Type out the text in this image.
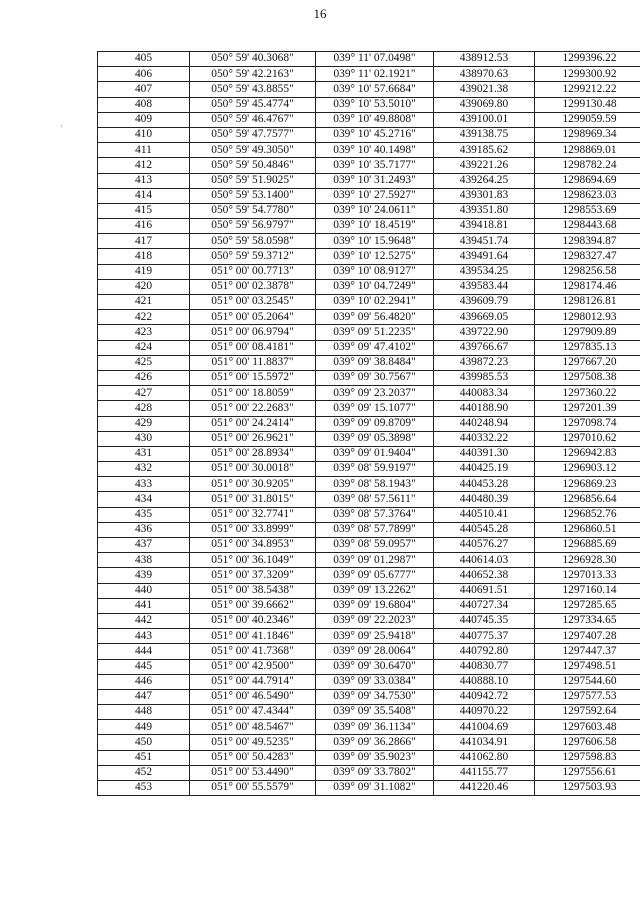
16
·
405	050° 59' 40.3068"	039° 11' 07.0498"	438912.53	1299396.22
406	050° 59' 42.2163"	039° 11' 02.1921"	438970.63	1299300.92
407	050° 59' 43.8855"	039° 10' 57.6684"	439021.38	1299212.22
408	050° 59' 45.4774"	039° 10' 53.5010"	439069.80	1299130.48
409	050° 59' 46.4767"	039° 10' 49.8808"	439100.01	1299059.59
410	050° 59' 47.7577"	039° 10' 45.2716"	439138.75	1298969.34
411	050° 59' 49.3050"	039° 10' 40.1498"	439185.62	1298869.01
412	050° 59' 50.4846"	039° 10' 35.7177"	439221.26	1298782.24
413	050° 59' 51.9025"	039° 10' 31.2493"	439264.25	1298694.69
414	050° 59' 53.1400"	039° 10' 27.5927"	439301.83	1298623.03
415	050° 59' 54.7780"	039° 10' 24.0611"	439351.80	1298553.69
416	050° 59' 56.9797"	039° 10' 18.4519"	439418.81	1298443.68
417	050° 59' 58.0598"	039° 10' 15.9648"	439451.74	1298394.87
418	050° 59' 59.3712"	039° 10' 12.5275"	439491.64	1298327.47
419	051° 00' 00.7713"	039° 10' 08.9127"	439534.25	1298256.58
420	051° 00' 02.3878"	039° 10' 04.7249"	439583.44	1298174.46
421	051° 00' 03.2545"	039° 10' 02.2941"	439609.79	1298126.81
422	051° 00' 05.2064"	039° 09' 56.4820"	439669.05	1298012.93
423	051° 00' 06.9794"	039° 09' 51.2235"	439722.90	1297909.89
424	051° 00' 08.4181"	039° 09' 47.4102"	439766.67	1297835.13
425	051° 00' 11.8837"	039° 09' 38.8484"	439872.23	1297667.20
426	051° 00' 15.5972"	039° 09' 30.7567"	439985.53	1297508.38
427	051° 00' 18.8059"	039° 09' 23.2037"	440083.34	1297360.22
428	051° 00' 22.2683"	039° 09' 15.1077"	440188.90	1297201.39
429	051° 00' 24.2414"	039° 09' 09.8709"	440248.94	1297098.74
430	051° 00' 26.9621"	039° 09' 05.3898"	440332.22	1297010.62
431	051° 00' 28.8934"	039° 09' 01.9404"	440391.30	1296942.83
432	051° 00' 30.0018"	039° 08' 59.9197"	440425.19	1296903.12
433	051° 00' 30.9205"	039° 08' 58.1943"	440453.28	1296869.23
434	051° 00' 31.8015"	039° 08' 57.5611"	440480.39	1296856.64
435	051° 00' 32.7741"	039° 08' 57.3764"	440510.41	1296852.76
436	051° 00' 33.8999"	039° 08' 57.7899"	440545.28	1296860.51
437	051° 00' 34.8953"	039° 08' 59.0957"	440576.27	1296885.69
438	051° 00' 36.1049"	039° 09' 01.2987"	440614.03	1296928.30
439	051° 00' 37.3209"	039° 09' 05.6777"	440652.38	1297013.33
440	051° 00' 38.5438"	039° 09' 13.2262"	440691.51	1297160.14
441	051° 00' 39.6662"	039° 09' 19.6804"	440727.34	1297285.65
442	051° 00' 40.2346"	039° 09' 22.2023"	440745.35	1297334.65
443	051° 00' 41.1846"	039° 09' 25.9418"	440775.37	1297407.28
444	051° 00' 41.7368"	039° 09' 28.0064"	440792.80	1297447.37
445	051° 00' 42.9500"	039° 09' 30.6470"	440830.77	1297498.51
446	051° 00' 44.7914"	039° 09' 33.0384"	440888.10	1297544.60
447	051° 00' 46.5490"	039° 09' 34.7530"	440942.72	1297577.53
448	051° 00' 47.4344"	039° 09' 35.5408"	440970.22	1297592.64
449	051° 00' 48.5467"	039° 09' 36.1134"	441004.69	1297603.48
450	051° 00' 49.5235"	039° 09' 36.2866"	441034.91	1297606.58
451	051° 00' 50.4283"	039° 09' 35.9023"	441062.80	1297598.83
452	051° 00' 53.4490"	039° 09' 33.7802"	441155.77	1297556.61
453	051° 00' 55.5579"	039° 09' 31.1082"	441220.46	1297503.93
